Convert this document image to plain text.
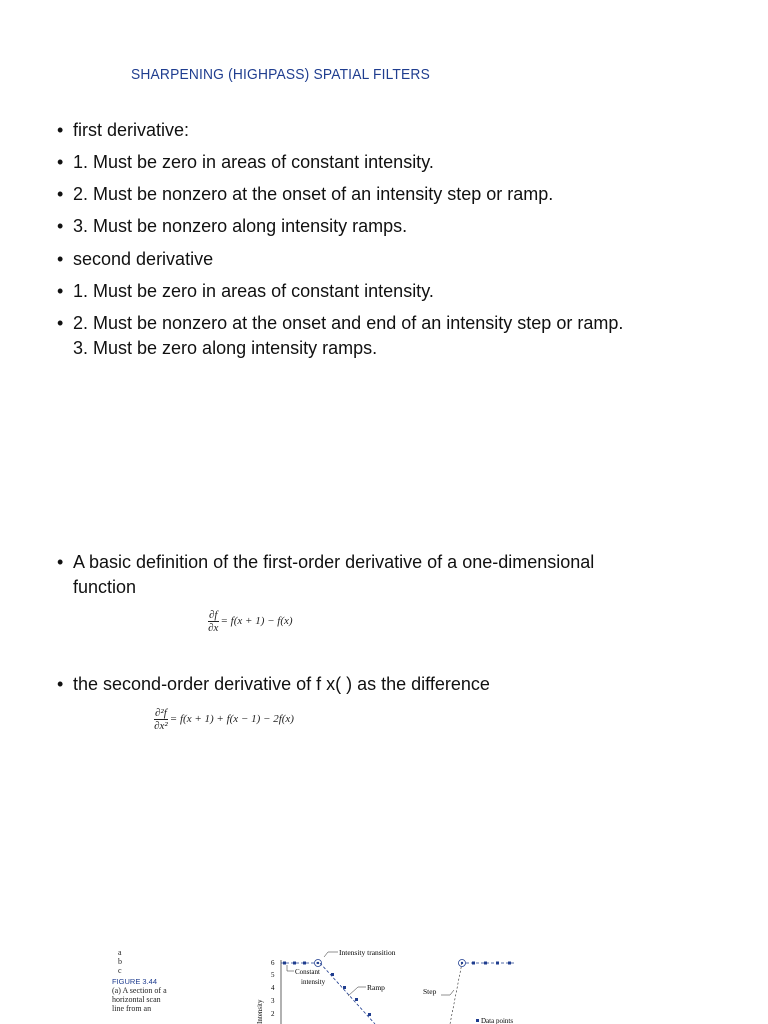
SHARPENING (HIGHPASS) SPATIAL FILTERS
• first derivative:
• 1. Must be zero in areas of constant intensity.
• 2. Must be nonzero at the onset of an intensity step or ramp.
• 3. Must be nonzero along intensity ramps.
• second derivative
• 1. Must be zero in areas of constant intensity.
• 2. Must be nonzero at the onset and end of an intensity step or ramp.
3. Must be zero along intensity ramps.
• A basic definition of the first-order derivative of a one-dimensional
function
$\frac{\partial f}{\partial x} = f(x + 1) - f(x)$
• the second-order derivative of f x( ) as the difference
$\frac{\text{∂²f}}{\text{∂x²}} = f(x + 1) + f(x - 1) - 2f(x)$
a
b
c
FIGURE 3.44
(a) A section of a
horizontal scan
line from an	Intensity
6
5
4
3
2
Intensity transition
Constant
intensity
Ramp	Step
Data points
